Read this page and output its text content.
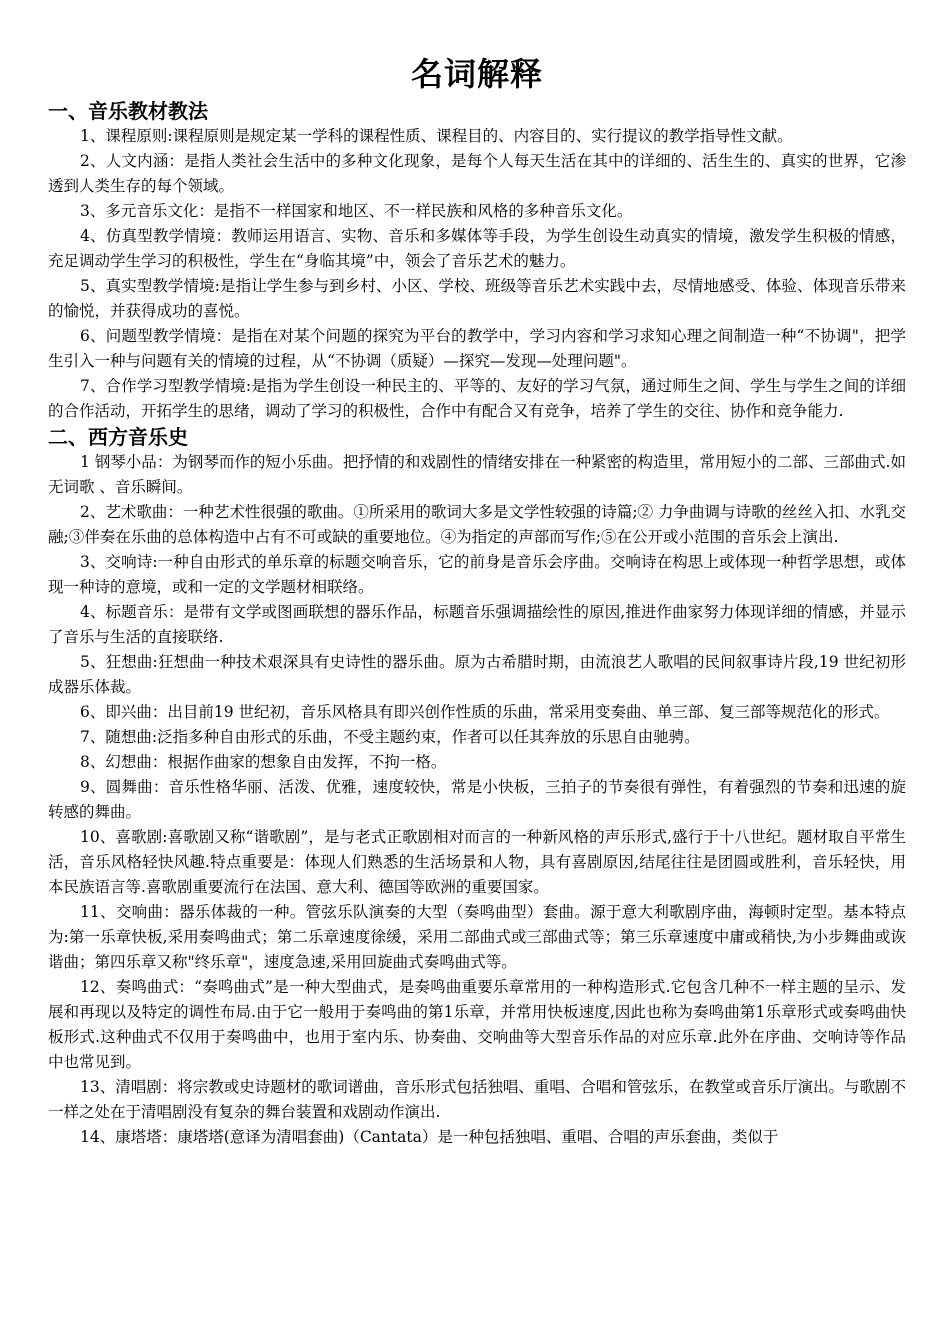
名词解释
一、音乐教材教法

1、课程原则:课程原则是规定某一学科的课程性质、课程目的、内容目的、实行提议的教学指导性文献。

2、人文内涵：是指人类社会生活中的多种文化现象，是每个人每天生活在其中的详细的、活生生的、真实的世界，它渗透到人类生存的每个领域。

3、多元音乐文化：是指不一样国家和地区、不一样民族和风格的多种音乐文化。

4、仿真型教学情境：教师运用语言、实物、音乐和多媒体等手段，为学生创设生动真实的情境，激发学生积极的情感，充足调动学生学习的积极性，学生在“身临其境”中，领会了音乐艺术的魅力。

5、真实型教学情境:是指让学生参与到乡村、小区、学校、班级等音乐艺术实践中去，尽情地感受、体验、体现音乐带来的愉悦，并获得成功的喜悦。

6、问题型教学情境：是指在对某个问题的探究为平台的教学中，学习内容和学习求知心理之间制造一种“不协调"，把学生引入一种与问题有关的情境的过程，从“不协调（质疑）—探究—发现—处理问题"。

7、合作学习型教学情境:是指为学生创设一种民主的、平等的、友好的学习气氛，通过师生之间、学生与学生之间的详细的合作活动，开拓学生的思绪，调动了学习的积极性，合作中有配合又有竞争，培养了学生的交往、协作和竞争能力.

二、西方音乐史

1 钢琴小品：为钢琴而作的短小乐曲。把抒情的和戏剧性的情绪安排在一种紧密的构造里，常用短小的二部、三部曲式.如无词歌 、音乐瞬间。

2、艺术歌曲：一种艺术性很强的歌曲。①所采用的歌词大多是文学性较强的诗篇;② 力争曲调与诗歌的丝丝入扣、水乳交融;③伴奏在乐曲的总体构造中占有不可或缺的重要地位。④为指定的声部而写作;⑤在公开或小范围的音乐会上演出.

3、交响诗:一种自由形式的单乐章的标题交响音乐，它的前身是音乐会序曲。交响诗在构思上或体现一种哲学思想，或体现一种诗的意境，或和一定的文学题材相联络。

4、标题音乐：是带有文学或图画联想的器乐作品，标题音乐强调描绘性的原因,推进作曲家努力体现详细的情感，并显示了音乐与生活的直接联络.

5、狂想曲:狂想曲一种技术艰深具有史诗性的器乐曲。原为古希腊时期，由流浪艺人歌唱的民间叙事诗片段,19 世纪初形成器乐体裁。

6、即兴曲：出目前19 世纪初，音乐风格具有即兴创作性质的乐曲，常采用变奏曲、单三部、复三部等规范化的形式。

7、随想曲:泛指多种自由形式的乐曲，不受主题约束，作者可以任其奔放的乐思自由驰骋。

8、幻想曲：根据作曲家的想象自由发挥，不拘一格。

9、圆舞曲：音乐性格华丽、活泼、优雅，速度较快，常是小快板，三拍子的节奏很有弹性，有着强烈的节奏和迅速的旋转感的舞曲。

10、喜歌剧:喜歌剧又称“谐歌剧”，是与老式正歌剧相对而言的一种新风格的声乐形式,盛行于十八世纪。题材取自平常生活，音乐风格轻快风趣.特点重要是：体现人们熟悉的生活场景和人物，具有喜剧原因,结尾往往是团圆或胜利，音乐轻快，用本民族语言等.喜歌剧重要流行在法国、意大利、德国等欧洲的重要国家。

11、交响曲：器乐体裁的一种。管弦乐队演奏的大型（奏鸣曲型）套曲。源于意大利歌剧序曲，海顿时定型。基本特点为:第一乐章快板,采用奏鸣曲式；第二乐章速度徐缓，采用二部曲式或三部曲式等；第三乐章速度中庸或稍快,为小步舞曲或诙谐曲；第四乐章又称"终乐章"，速度急速,采用回旋曲式奏鸣曲式等。

12、奏鸣曲式：“奏鸣曲式”是一种大型曲式，是奏鸣曲重要乐章常用的一种构造形式.它包含几种不一样主题的呈示、发展和再现以及特定的调性布局.由于它一般用于奏鸣曲的第1乐章，并常用快板速度,因此也称为奏鸣曲第1乐章形式或奏鸣曲快板形式.这种曲式不仅用于奏鸣曲中，也用于室内乐、协奏曲、交响曲等大型音乐作品的对应乐章.此外在序曲、交响诗等作品中也常见到。

13、清唱剧：将宗教或史诗题材的歌词谱曲，音乐形式包括独唱、重唱、合唱和管弦乐，在教堂或音乐厅演出。与歌剧不一样之处在于清唱剧没有复杂的舞台装置和戏剧动作演出.

14、康塔塔：康塔塔(意译为清唱套曲)（Cantata）是一种包括独唱、重唱、合唱的声乐套曲，类似于
